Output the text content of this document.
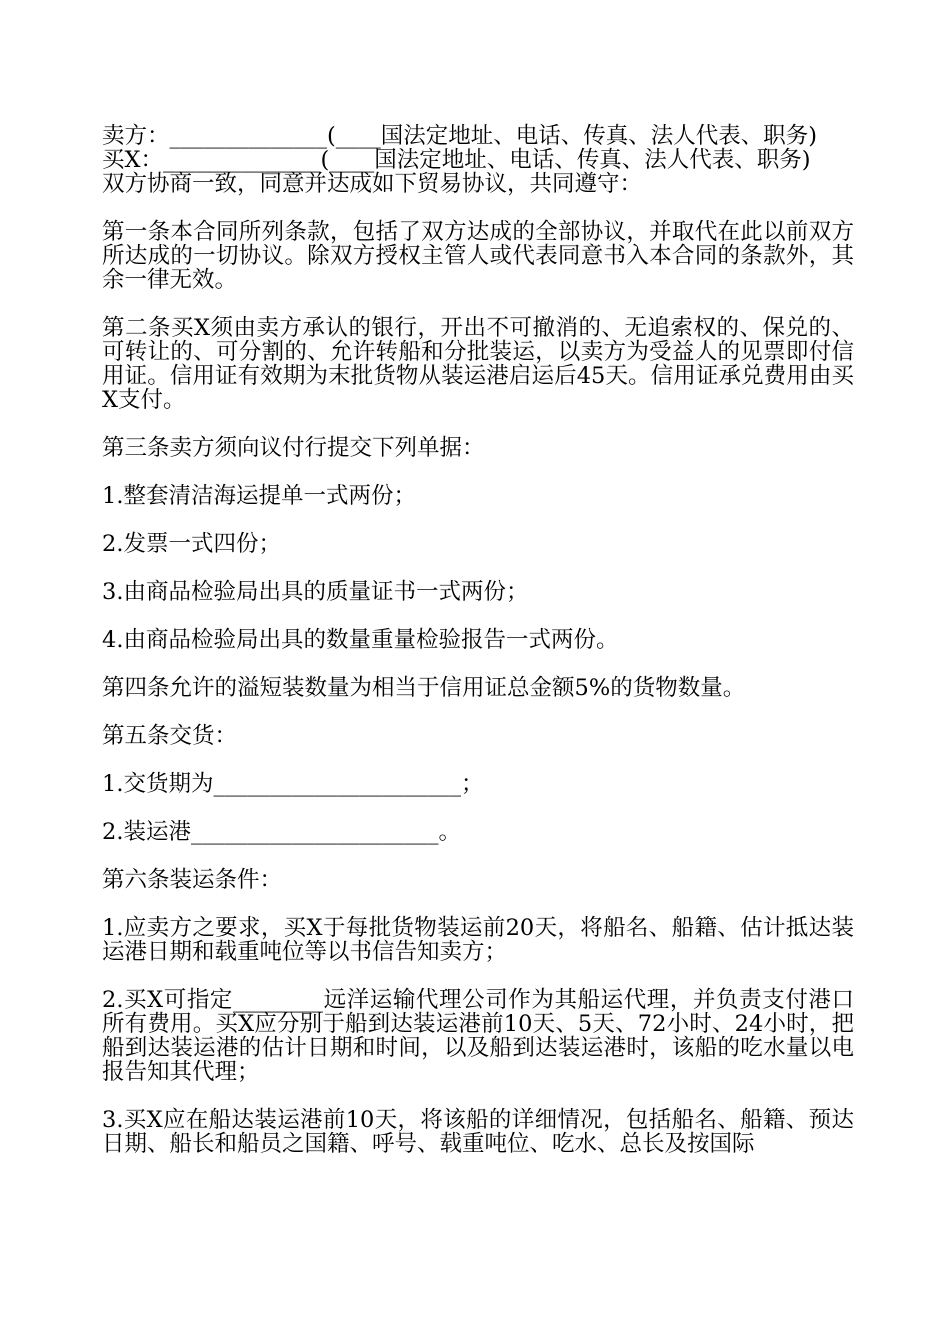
卖方：______________(____国法定地址、电话、传真、法人代表、职务)

买X：______________(____国法定地址、电话、传真、法人代表、职务)

双方协商一致，同意并达成如下贸易协议，共同遵守：

第一条本合同所列条款，包括了双方达成的全部协议，并取代在此以前双方所达成的一切协议。除双方授权主管人或代表同意书入本合同的条款外，其余一律无效。

第二条买X须由卖方承认的银行，开出不可撤消的、无追索权的、保兑的、可转让的、可分割的、允许转船和分批装运，以卖方为受益人的见票即付信用证。信用证有效期为末批货物从装运港启运后45天。信用证承兑费用由买X支付。

第三条卖方须向议付行提交下列单据：

1.整套清洁海运提单一式两份；

2.发票一式四份；

3.由商品检验局出具的质量证书一式两份；

4.由商品检验局出具的数量重量检验报告一式两份。

第四条允许的溢短装数量为相当于信用证总金额5%的货物数量。

第五条交货：

1.交货期为______________________；

2.装运港______________________。

第六条装运条件：

1.应卖方之要求，买X于每批货物装运前20天，将船名、船籍、估计抵达装运港日期和载重吨位等以书信告知卖方；

2.买X可指定________远洋运输代理公司作为其船运代理，并负责支付港口所有费用。买X应分别于船到达装运港前10天、5天、72小时、24小时，把船到达装运港的估计日期和时间，以及船到达装运港时，该船的吃水量以电报告知其代理；

3.买X应在船达装运港前10天，将该船的详细情况，包括船名、船籍、预达日期、船长和船员之国籍、呼号、载重吨位、吃水、总长及按国际
